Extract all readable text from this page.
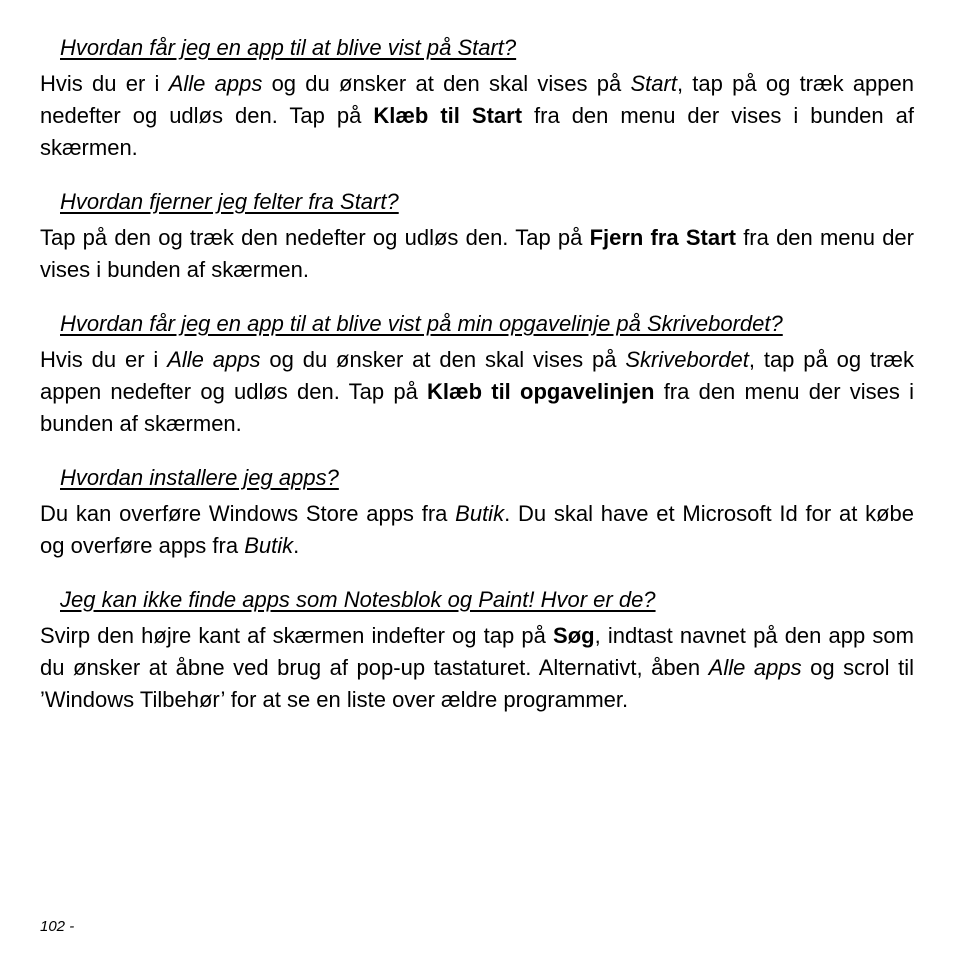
Hvordan får jeg en app til at blive vist på Start?

Hvis du er i Alle apps og du ønsker at den skal vises på Start, tap på og træk appen nedefter og udløs den. Tap på Klæb til Start fra den menu der vises i bunden af skærmen.

Hvordan fjerner jeg felter fra Start?

Tap på den og træk den nedefter og udløs den. Tap på Fjern fra Start fra den menu der vises i bunden af skærmen.

Hvordan får jeg en app til at blive vist på min opgavelinje på Skrivebordet?

Hvis du er i Alle apps og du ønsker at den skal vises på Skrivebordet, tap på og træk appen nedefter og udløs den. Tap på Klæb til opgavelinjen fra den menu der vises i bunden af skærmen.

Hvordan installere jeg apps?

Du kan overføre Windows Store apps fra Butik. Du skal have et Microsoft Id for at købe og overføre apps fra Butik.

Jeg kan ikke finde apps som Notesblok og Paint! Hvor er de?

Svirp den højre kant af skærmen indefter og tap på Søg, indtast navnet på den app som du ønsker at åbne ved brug af pop-up tastaturet. Alternativt, åben Alle apps og scrol til ’Windows Tilbehør’ for at se en liste over ældre programmer.

102 -
